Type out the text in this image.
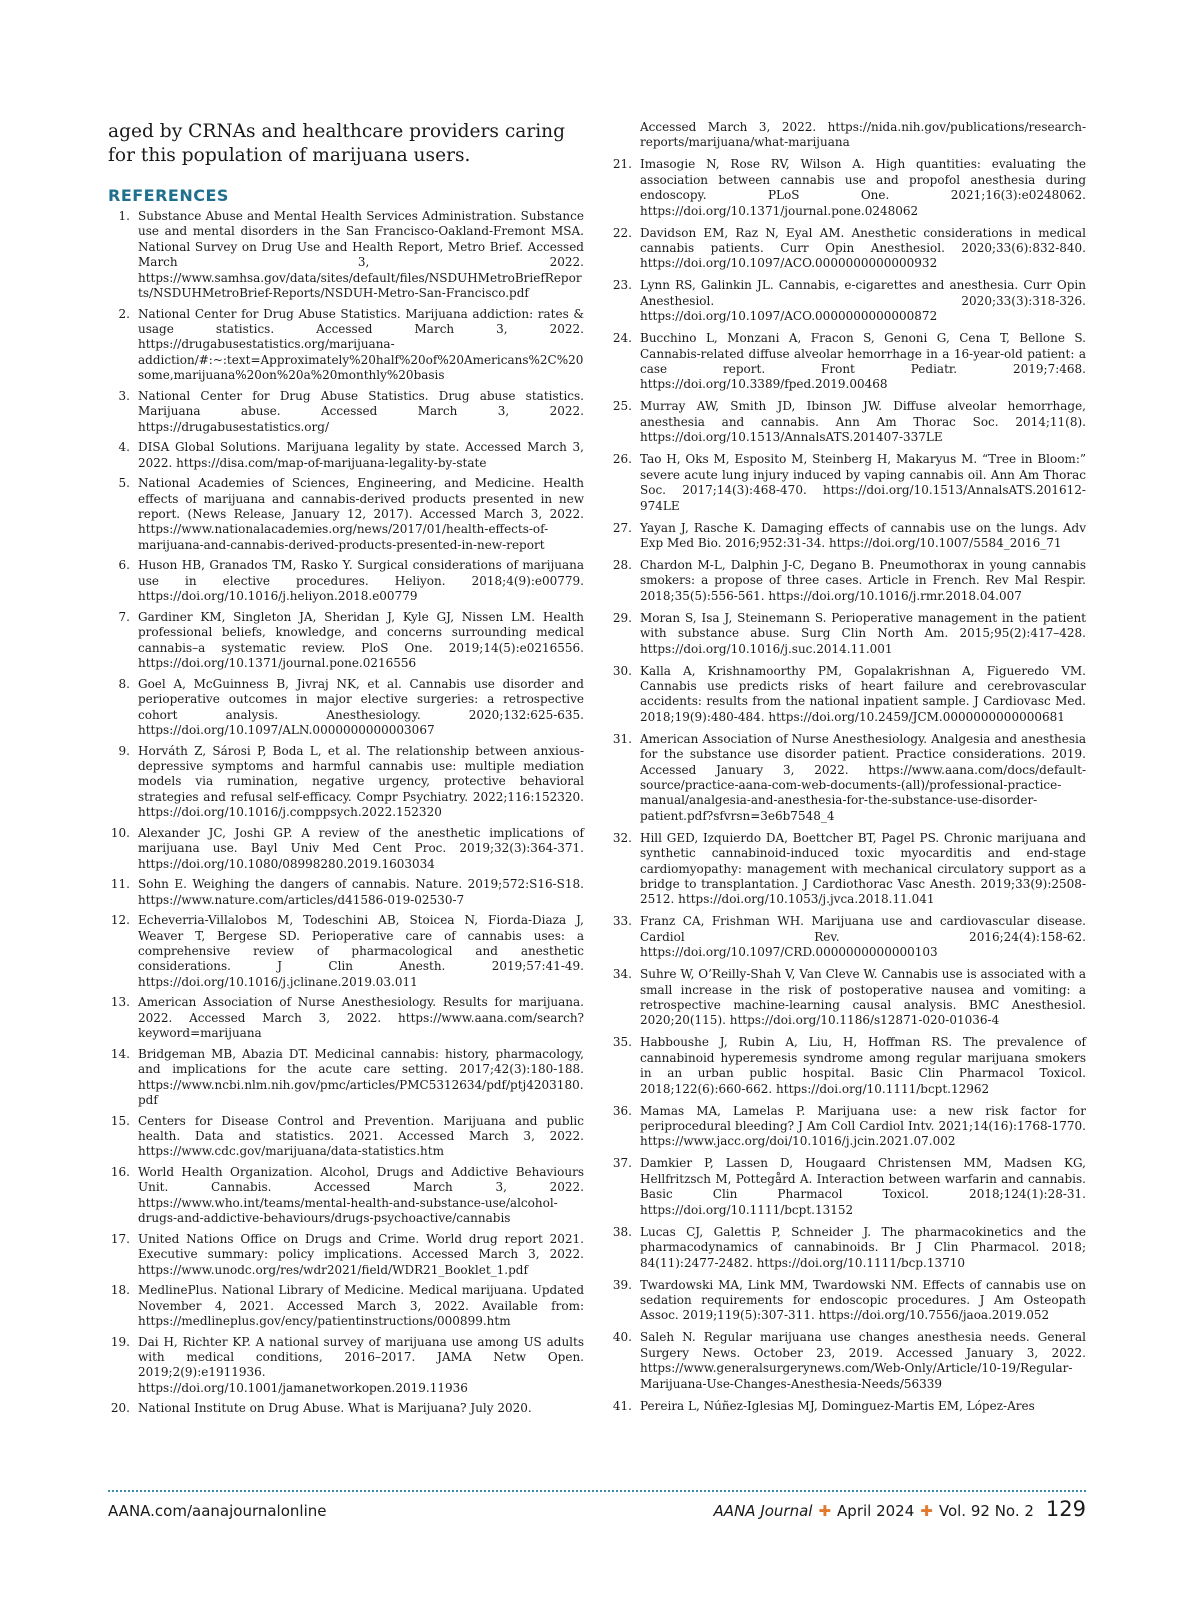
aged by CRNAs and healthcare providers caring for this population of marijuana users.

REFERENCES
1. Substance Abuse and Mental Health Services Administration. Substance use and mental disorders in the San Francisco-Oakland-Fremont MSA. National Survey on Drug Use and Health Report, Metro Brief. Accessed March 3, 2022. https://www.samhsa.gov/data/sites/default/files/NSDUHMetroBriefReports/NSDUHMetroBrief-Reports/NSDUH-Metro-San-Francisco.pdf
2. National Center for Drug Abuse Statistics. Marijuana addiction: rates & usage statistics. Accessed March 3, 2022. https://drugabusestatistics.org/marijuana-addiction/#:~:text=Approximately%20half%20of%20Americans%2C%20some,marijuana%20on%20a%20monthly%20basis
3. National Center for Drug Abuse Statistics. Drug abuse statistics. Marijuana abuse. Accessed March 3, 2022. https://drugabusestatistics.org/
4. DISA Global Solutions. Marijuana legality by state. Accessed March 3, 2022. https://disa.com/map-of-marijuana-legality-by-state
5. National Academies of Sciences, Engineering, and Medicine. Health effects of marijuana and cannabis-derived products presented in new report. (News Release, January 12, 2017). Accessed March 3, 2022. https://www.nationalacademies.org/news/2017/01/health-effects-of-marijuana-and-cannabis-derived-products-presented-in-new-report
6. Huson HB, Granados TM, Rasko Y. Surgical considerations of marijuana use in elective procedures. Heliyon. 2018;4(9):e00779. https://doi.org/10.1016/j.heliyon.2018.e00779
7. Gardiner KM, Singleton JA, Sheridan J, Kyle GJ, Nissen LM. Health professional beliefs, knowledge, and concerns surrounding medical cannabis–a systematic review. PloS One. 2019;14(5):e0216556. https://doi.org/10.1371/journal.pone.0216556
8. Goel A, McGuinness B, Jivraj NK, et al. Cannabis use disorder and perioperative outcomes in major elective surgeries: a retrospective cohort analysis. Anesthesiology. 2020;132:625-635. https://doi.org/10.1097/ALN.0000000000003067
9. Horváth Z, Sárosi P, Boda L, et al. The relationship between anxious-depressive symptoms and harmful cannabis use: multiple mediation models via rumination, negative urgency, protective behavioral strategies and refusal self-efficacy. Compr Psychiatry. 2022;116:152320. https://doi.org/10.1016/j.comppsych.2022.152320
10. Alexander JC, Joshi GP. A review of the anesthetic implications of marijuana use. Bayl Univ Med Cent Proc. 2019;32(3):364-371. https://doi.org/10.1080/08998280.2019.1603034
11. Sohn E. Weighing the dangers of cannabis. Nature. 2019;572:S16-S18. https://www.nature.com/articles/d41586-019-02530-7
12. Echeverria-Villalobos M, Todeschini AB, Stoicea N, Fiorda-Diaza J, Weaver T, Bergese SD. Perioperative care of cannabis uses: a comprehensive review of pharmacological and anesthetic considerations. J Clin Anesth. 2019;57:41-49. https://doi.org/10.1016/j.jclinane.2019.03.011
13. American Association of Nurse Anesthesiology. Results for marijuana. 2022. Accessed March 3, 2022. https://www.aana.com/search?keyword=marijuana
14. Bridgeman MB, Abazia DT. Medicinal cannabis: history, pharmacology, and implications for the acute care setting. 2017;42(3):180-188. https://www.ncbi.nlm.nih.gov/pmc/articles/PMC5312634/pdf/ptj4203180.pdf
15. Centers for Disease Control and Prevention. Marijuana and public health. Data and statistics. 2021. Accessed March 3, 2022. https://www.cdc.gov/marijuana/data-statistics.htm
16. World Health Organization. Alcohol, Drugs and Addictive Behaviours Unit. Cannabis. Accessed March 3, 2022. https://www.who.int/teams/mental-health-and-substance-use/alcohol-drugs-and-addictive-behaviours/drugs-psychoactive/cannabis
17. United Nations Office on Drugs and Crime. World drug report 2021. Executive summary: policy implications. Accessed March 3, 2022. https://www.unodc.org/res/wdr2021/field/WDR21_Booklet_1.pdf
18. MedlinePlus. National Library of Medicine. Medical marijuana. Updated November 4, 2021. Accessed March 3, 2022. Available from: https://medlineplus.gov/ency/patientinstructions/000899.htm
19. Dai H, Richter KP. A national survey of marijuana use among US adults with medical conditions, 2016–2017. JAMA Netw Open. 2019;2(9):e1911936. https://doi.org/10.1001/jamanetworkopen.2019.11936
20. National Institute on Drug Abuse. What is Marijuana? July 2020.
Accessed March 3, 2022. https://nida.nih.gov/publications/research-reports/marijuana/what-marijuana
21. Imasogie N, Rose RV, Wilson A. High quantities: evaluating the association between cannabis use and propofol anesthesia during endoscopy. PLoS One. 2021;16(3):e0248062. https://doi.org/10.1371/journal.pone.0248062
22. Davidson EM, Raz N, Eyal AM. Anesthetic considerations in medical cannabis patients. Curr Opin Anesthesiol. 2020;33(6):832-840. https://doi.org/10.1097/ACO.0000000000000932
23. Lynn RS, Galinkin JL. Cannabis, e-cigarettes and anesthesia. Curr Opin Anesthesiol. 2020;33(3):318-326. https://doi.org/10.1097/ACO.0000000000000872
24. Bucchino L, Monzani A, Fracon S, Genoni G, Cena T, Bellone S. Cannabis-related diffuse alveolar hemorrhage in a 16-year-old patient: a case report. Front Pediatr. 2019;7:468. https://doi.org/10.3389/fped.2019.00468
25. Murray AW, Smith JD, Ibinson JW. Diffuse alveolar hemorrhage, anesthesia and cannabis. Ann Am Thorac Soc. 2014;11(8). https://doi.org/10.1513/AnnalsATS.201407-337LE
26. Tao H, Oks M, Esposito M, Steinberg H, Makaryus M. “Tree in Bloom:” severe acute lung injury induced by vaping cannabis oil. Ann Am Thorac Soc. 2017;14(3):468-470. https://doi.org/10.1513/AnnalsATS.201612-974LE
27. Yayan J, Rasche K. Damaging effects of cannabis use on the lungs. Adv Exp Med Bio. 2016;952:31-34. https://doi.org/10.1007/5584_2016_71
28. Chardon M-L, Dalphin J-C, Degano B. Pneumothorax in young cannabis smokers: a propose of three cases. Article in French. Rev Mal Respir. 2018;35(5):556-561. https://doi.org/10.1016/j.rmr.2018.04.007
29. Moran S, Isa J, Steinemann S. Perioperative management in the patient with substance abuse. Surg Clin North Am. 2015;95(2):417–428. https://doi.org/10.1016/j.suc.2014.11.001
30. Kalla A, Krishnamoorthy PM, Gopalakrishnan A, Figueredo VM. Cannabis use predicts risks of heart failure and cerebrovascular accidents: results from the national inpatient sample. J Cardiovasc Med. 2018;19(9):480-484. https://doi.org/10.2459/JCM.0000000000000681
31. American Association of Nurse Anesthesiology. Analgesia and anesthesia for the substance use disorder patient. Practice considerations. 2019. Accessed January 3, 2022. https://www.aana.com/docs/default-source/practice-aana-com-web-documents-(all)/professional-practice-manual/analgesia-and-anesthesia-for-the-substance-use-disorder-patient.pdf?sfvrsn=3e6b7548_4
32. Hill GED, Izquierdo DA, Boettcher BT, Pagel PS. Chronic marijuana and synthetic cannabinoid-induced toxic myocarditis and end-stage cardiomyopathy: management with mechanical circulatory support as a bridge to transplantation. J Cardiothorac Vasc Anesth. 2019;33(9):2508-2512. https://doi.org/10.1053/j.jvca.2018.11.041
33. Franz CA, Frishman WH. Marijuana use and cardiovascular disease. Cardiol Rev. 2016;24(4):158-62. https://doi.org/10.1097/CRD.0000000000000103
34. Suhre W, O’Reilly-Shah V, Van Cleve W. Cannabis use is associated with a small increase in the risk of postoperative nausea and vomiting: a retrospective machine-learning causal analysis. BMC Anesthesiol. 2020;20(115). https://doi.org/10.1186/s12871-020-01036-4
35. Habboushe J, Rubin A, Liu, H, Hoffman RS. The prevalence of cannabinoid hyperemesis syndrome among regular marijuana smokers in an urban public hospital. Basic Clin Pharmacol Toxicol. 2018;122(6):660-662. https://doi.org/10.1111/bcpt.12962
36. Mamas MA, Lamelas P. Marijuana use: a new risk factor for periprocedural bleeding? J Am Coll Cardiol Intv. 2021;14(16):1768-1770. https://www.jacc.org/doi/10.1016/j.jcin.2021.07.002
37. Damkier P, Lassen D, Hougaard Christensen MM, Madsen KG, Hellfritzsch M, Pottegård A. Interaction between warfarin and cannabis. Basic Clin Pharmacol Toxicol. 2018;124(1):28-31. https://doi.org/10.1111/bcpt.13152
38. Lucas CJ, Galettis P, Schneider J. The pharmacokinetics and the pharmacodynamics of cannabinoids. Br J Clin Pharmacol. 2018; 84(11):2477-2482. https://doi.org/10.1111/bcp.13710
39. Twardowski MA, Link MM, Twardowski NM. Effects of cannabis use on sedation requirements for endoscopic procedures. J Am Osteopath Assoc. 2019;119(5):307-311. https://doi.org/10.7556/jaoa.2019.052
40. Saleh N. Regular marijuana use changes anesthesia needs. General Surgery News. October 23, 2019. Accessed January 3, 2022. https://www.generalsurgerynews.com/Web-Only/Article/10-19/Regular-Marijuana-Use-Changes-Anesthesia-Needs/56339
41. Pereira L, Núñez-Iglesias MJ, Dominguez-Martis EM, López-Ares
AANA.com/aanajournalonline	AANA Journal ✚ April 2024 ✚ Vol. 92 No. 2 129
